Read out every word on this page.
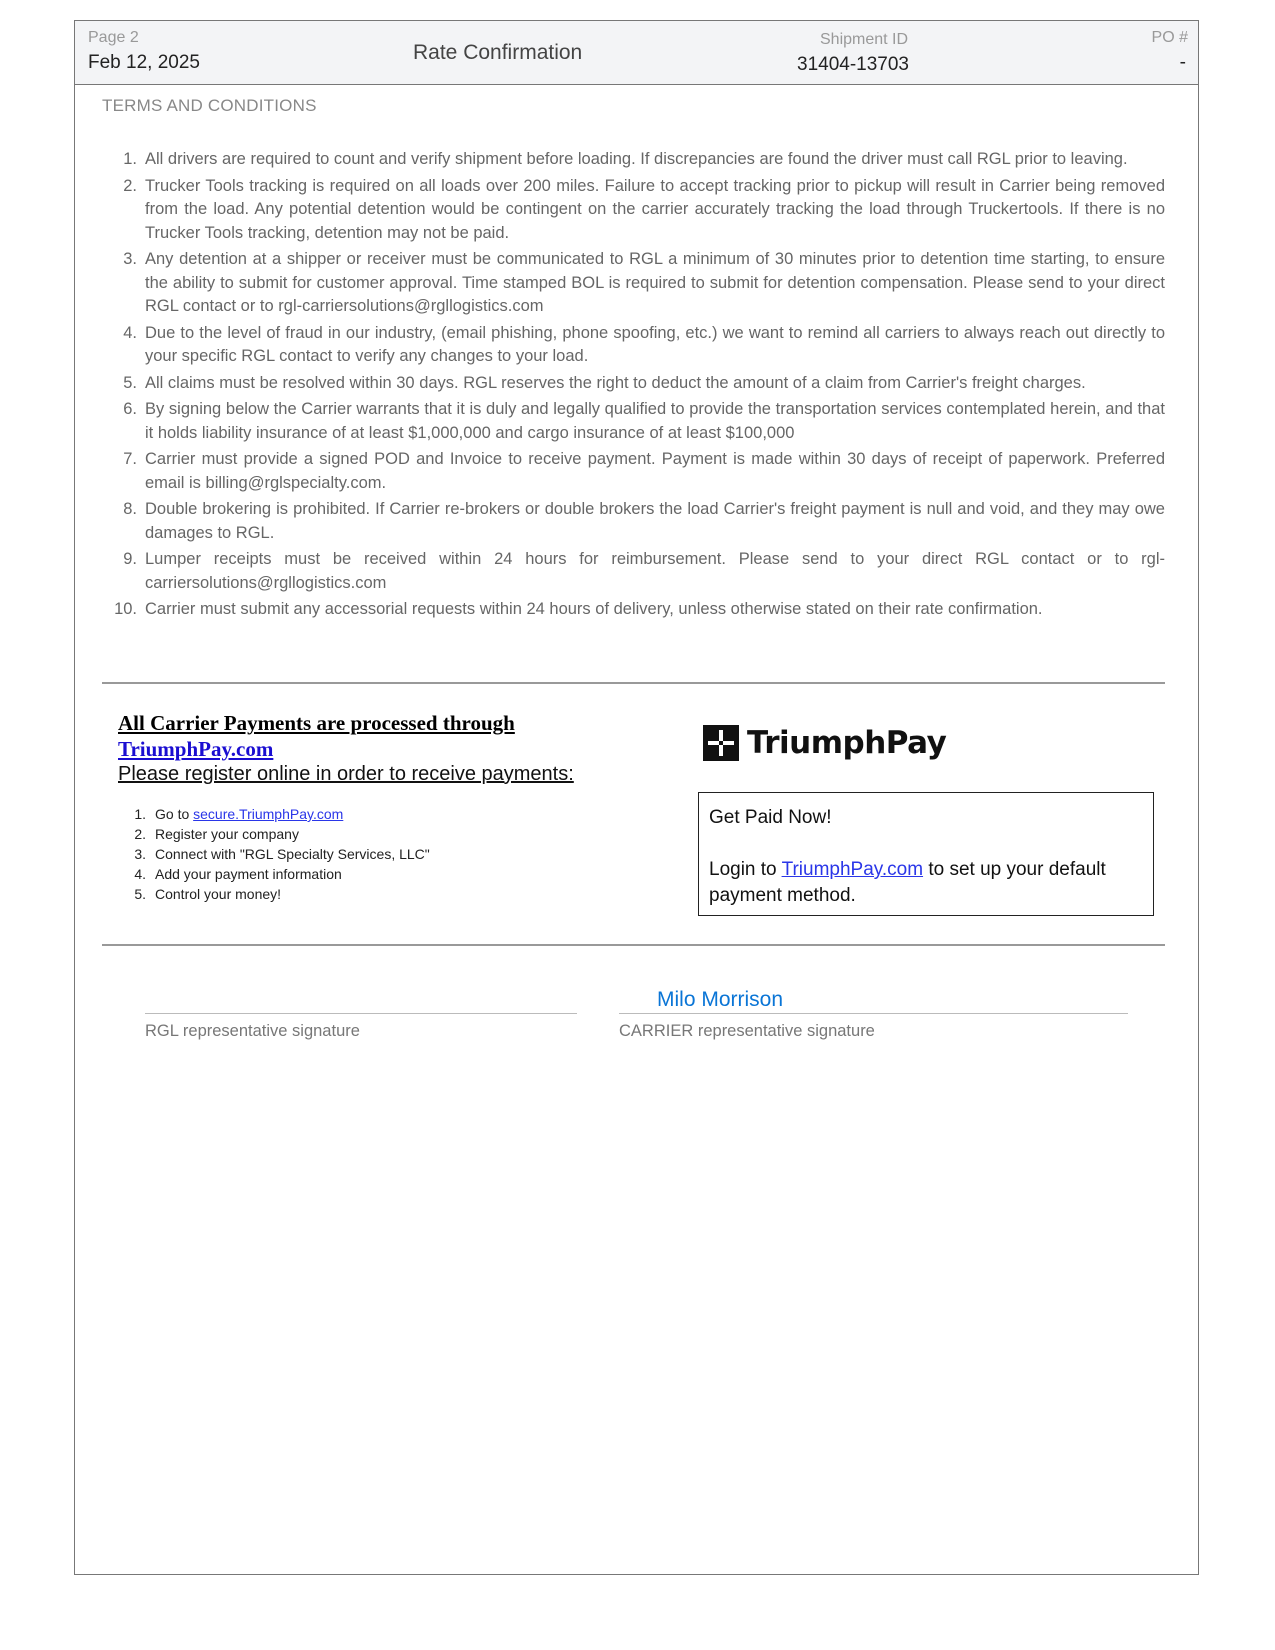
Page 2
Feb 12, 2025	Rate Confirmation
Shipment ID
31404-13703
PO #
-
TERMS AND CONDITIONS
1. All drivers are required to count and verify shipment before loading. If discrepancies are found the driver must call RGL prior to leaving.
2. Trucker Tools tracking is required on all loads over 200 miles. Failure to accept tracking prior to pickup will result in Carrier being removed from the load. Any potential detention would be contingent on the carrier accurately tracking the load through Truckertools. If there is no Trucker Tools tracking, detention may not be paid.
3. Any detention at a shipper or receiver must be communicated to RGL a minimum of 30 minutes prior to detention time starting, to ensure the ability to submit for customer approval. Time stamped BOL is required to submit for detention compensation. Please send to your direct RGL contact or to rgl-carriersolutions@rgllogistics.com
4. Due to the level of fraud in our industry, (email phishing, phone spoofing, etc.) we want to remind all carriers to always reach out directly to your specific RGL contact to verify any changes to your load.
5. All claims must be resolved within 30 days. RGL reserves the right to deduct the amount of a claim from Carrier's freight charges.
6. By signing below the Carrier warrants that it is duly and legally qualified to provide the transportation services contemplated herein, and that it holds liability insurance of at least $1,000,000 and cargo insurance of at least $100,000
7. Carrier must provide a signed POD and Invoice to receive payment. Payment is made within 30 days of receipt of paperwork. Preferred email is billing@rglspecialty.com.
8. Double brokering is prohibited. If Carrier re-brokers or double brokers the load Carrier's freight payment is null and void, and they may owe damages to RGL.
9. Lumper receipts must be received within 24 hours for reimbursement. Please send to your direct RGL contact or to rgl-carriersolutions@rgllogistics.com
10. Carrier must submit any accessorial requests within 24 hours of delivery, unless otherwise stated on their rate confirmation.
All Carrier Payments are processed through
TriumphPay.com
Please register online in order to receive payments:
1. Go to secure.TriumphPay.com
2. Register your company
3. Connect with "RGL Specialty Services, LLC"
4. Add your payment information
5. Control your money!
TriumphPay
Get Paid Now!
Login to TriumphPay.com to set up your default payment method.
RGL representative signature
Milo Morrison
CARRIER representative signature
